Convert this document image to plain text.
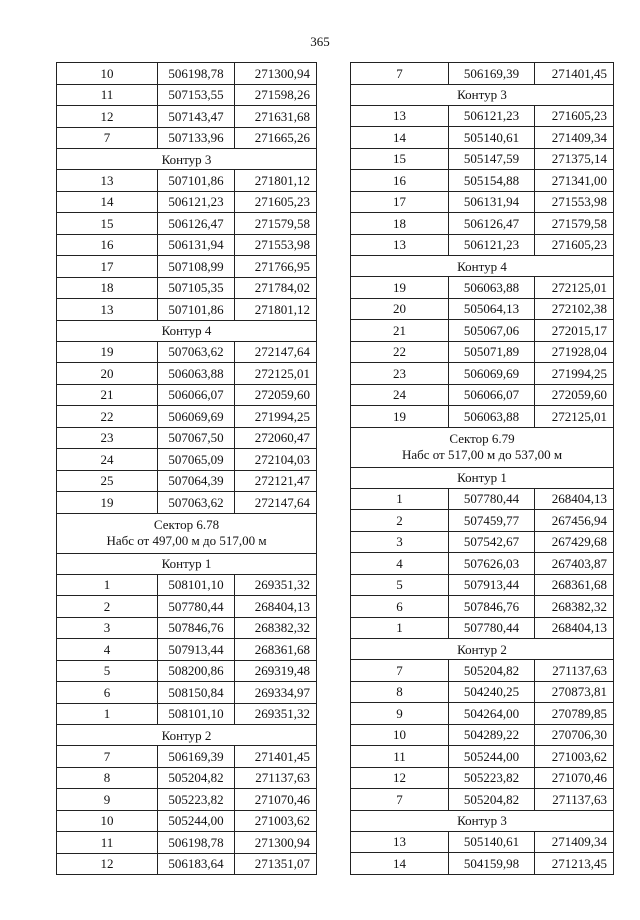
365
10	506198,78	271300,94
11	507153,55	271598,26
12	507143,47	271631,68
7	507133,96	271665,26
Контур 3		
13	507101,86	271801,12
14	506121,23	271605,23
15	506126,47	271579,58
16	506131,94	271553,98
17	507108,99	271766,95
18	507105,35	271784,02
13	507101,86	271801,12
Контур 4		
19	507063,62	272147,64
20	506063,88	272125,01
21	506066,07	272059,60
22	506069,69	271994,25
23	507067,50	272060,47
24	507065,09	272104,03
25	507064,39	272121,47
19	507063,62	272147,64

Сектор 6.78
Набс от 497,00 м до 517,00 м		

Контур 1		
1	508101,10	269351,32
2	507780,44	268404,13
3	507846,76	268382,32
4	507913,44	268361,68
5	508200,86	269319,48
6	508150,84	269334,97
1	508101,10	269351,32
Контур 2		
7	506169,39	271401,45
8	505204,82	271137,63
9	505223,82	271070,46
10	505244,00	271003,62
11	506198,78	271300,94
12	506183,64	271351,07
7	506169,39	271401,45
Контур 3		
13	506121,23	271605,23
14	505140,61	271409,34
15	505147,59	271375,14
16	505154,88	271341,00
17	506131,94	271553,98
18	506126,47	271579,58
13	506121,23	271605,23
Контур 4		
19	506063,88	272125,01
20	505064,13	272102,38
21	505067,06	272015,17
22	505071,89	271928,04
23	506069,69	271994,25
24	506066,07	272059,60
19	506063,88	272125,01

Сектор 6.79
Набс от 517,00 м до 537,00 м		

Контур 1		
1	507780,44	268404,13
2	507459,77	267456,94
3	507542,67	267429,68
4	507626,03	267403,87
5	507913,44	268361,68
6	507846,76	268382,32
1	507780,44	268404,13
Контур 2		
7	505204,82	271137,63
8	504240,25	270873,81
9	504264,00	270789,85
10	504289,22	270706,30
11	505244,00	271003,62
12	505223,82	271070,46
7	505204,82	271137,63
Контур 3		
13	505140,61	271409,34
14	504159,98	271213,45
